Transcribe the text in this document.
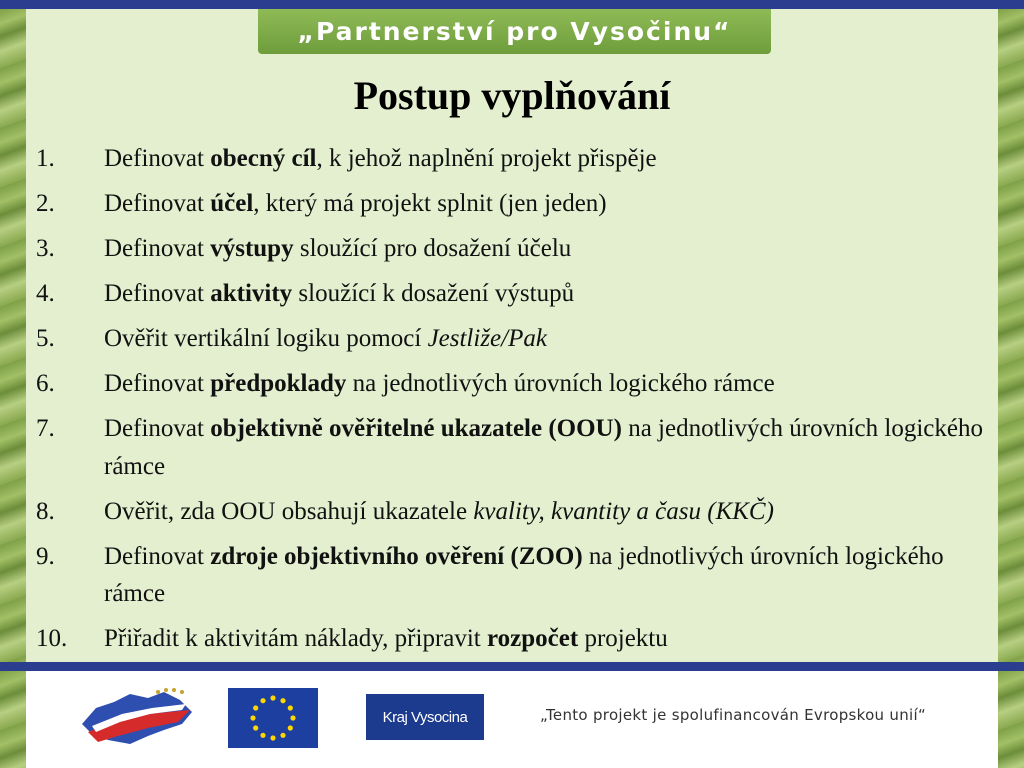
„Partnerství pro Vysočinu“
Postup vyplňování
1.	Definovat obecný cíl, k jehož naplnění projekt přispěje
2.	Definovat účel, který má projekt splnit (jen jeden)
3.	Definovat výstupy sloužící pro dosažení účelu
4.	Definovat aktivity sloužící k dosažení výstupů
5.	Ověřit vertikální logiku pomocí Jestliže/Pak
6.	Definovat předpoklady na jednotlivých úrovních logického rámce
7.	Definovat objektivně ověřitelné ukazatele (OOU) na jednotlivých úrovních logického rámce
8.	Ověřit, zda OOU obsahují ukazatele kvality, kvantity a času (KKČ)
9.	Definovat zdroje objektivního ověření (ZOO) na jednotlivých úrovních logického rámce
10.	Přiřadit k aktivitám náklady, připravit rozpočet projektu
Kraj Vysocina	„Tento projekt je spolufinancován Evropskou unií“
